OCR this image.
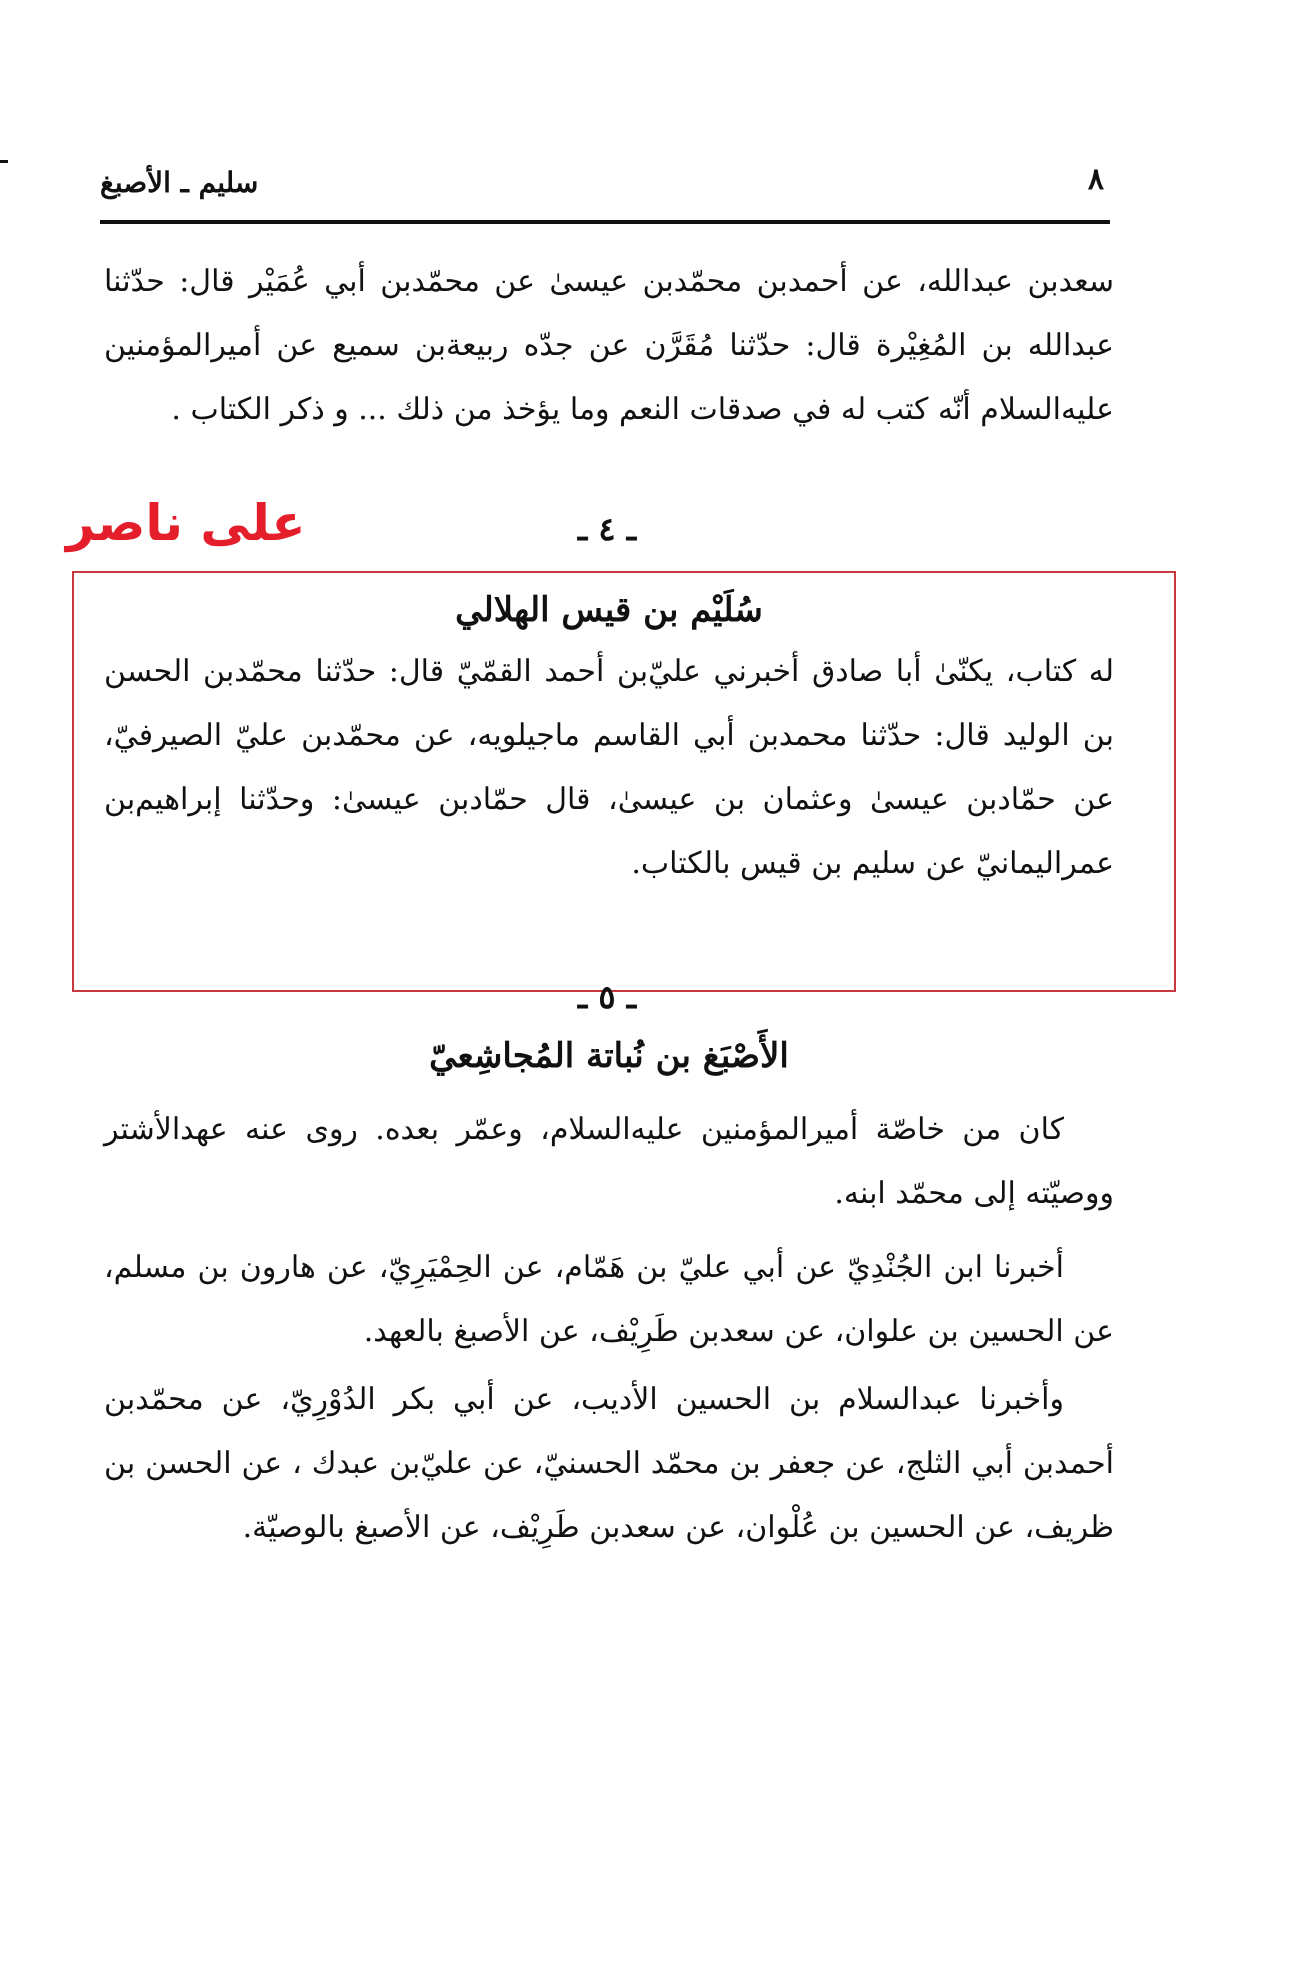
٨
سليم ـ الأصبغ

سعدبن عبدالله، عن أحمدبن محمّدبن عيسىٰ عن محمّدبن أبي عُمَيْر قال: حدّثنا عبدالله بن المُغِيْرة قال: حدّثنا مُقَرَّن عن جدّه ربيعةبن سميع عن أميرالمؤمنين عليه‌السلام أنّه كتب له في صدقات النعم وما يؤخذ من ذلك ... و ذكر الكتاب .

على ناصر	ـ ٤ ـ
سُلَيْم بن قيس الهلالي

له كتاب، يكنّىٰ أبا صادق أخبرني عليّ‌بن أحمد القمّيّ قال: حدّثنا محمّدبن الحسن بن الوليد قال: حدّثنا محمدبن أبي القاسم ماجيلويه، عن محمّدبن عليّ الصيرفيّ، عن حمّادبن عيسىٰ وعثمان بن عيسىٰ، قال حمّادبن عيسىٰ: وحدّثنا إبراهيم‌بن عمراليمانيّ عن سليم بن قيس بالكتاب.

ـ ٥ ـ
الأَصْبَغ بن نُباتة المُجاشِعيّ

كان من خاصّة أميرالمؤمنين عليه‌السلام، وعمّر بعده. روى عنه عهدالأشتر ووصيّته إلى محمّد ابنه.

أخبرنا ابن الجُنْدِيّ عن أبي عليّ بن هَمّام، عن الحِمْيَرِيّ، عن هارون بن مسلم، عن الحسين بن علوان، عن سعدبن طَرِيْف، عن الأصبغ بالعهد.

وأخبرنا عبدالسلام بن الحسين الأديب، عن أبي بكر الدُوْرِيّ، عن محمّدبن أحمدبن أبي الثلج، عن جعفر بن محمّد الحسنيّ، عن عليّ‌بن عبدك ، عن الحسن بن ظريف، عن الحسين بن عُلْوان، عن سعدبن طَرِيْف، عن الأصبغ بالوصيّة.
